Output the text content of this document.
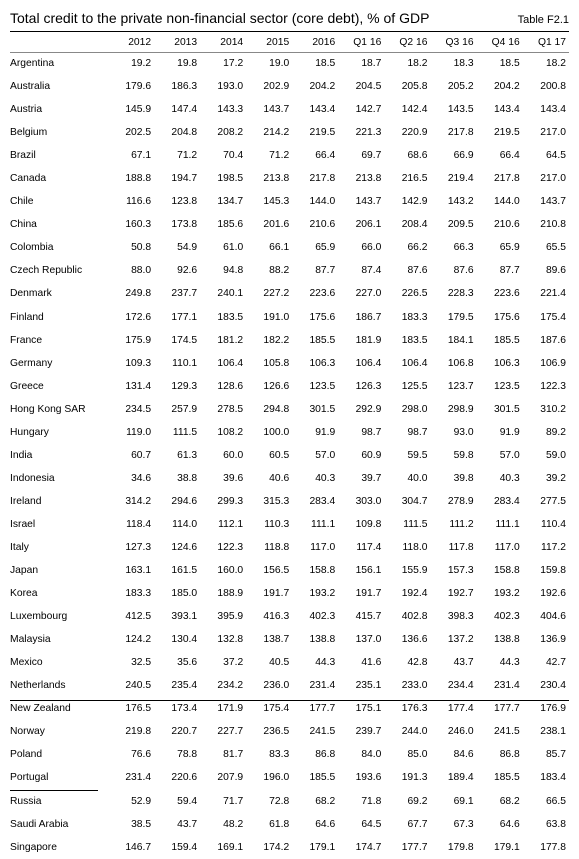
Total credit to the private non-financial sector (core debt), % of GDP	Table F2.1
	2012	2013	2014	2015	2016	Q1 16	Q2 16	Q3 16	Q4 16	Q1 17
Argentina	19.2	19.8	17.2	19.0	18.5	18.7	18.2	18.3	18.5	18.2
Australia	179.6	186.3	193.0	202.9	204.2	204.5	205.8	205.2	204.2	200.8
Austria	145.9	147.4	143.3	143.7	143.4	142.7	142.4	143.5	143.4	143.4
Belgium	202.5	204.8	208.2	214.2	219.5	221.3	220.9	217.8	219.5	217.0
Brazil	67.1	71.2	70.4	71.2	66.4	69.7	68.6	66.9	66.4	64.5
Canada	188.8	194.7	198.5	213.8	217.8	213.8	216.5	219.4	217.8	217.0
Chile	116.6	123.8	134.7	145.3	144.0	143.7	142.9	143.2	144.0	143.7
China	160.3	173.8	185.6	201.6	210.6	206.1	208.4	209.5	210.6	210.8
Colombia	50.8	54.9	61.0	66.1	65.9	66.0	66.2	66.3	65.9	65.5
Czech Republic	88.0	92.6	94.8	88.2	87.7	87.4	87.6	87.6	87.7	89.6
Denmark	249.8	237.7	240.1	227.2	223.6	227.0	226.5	228.3	223.6	221.4
Finland	172.6	177.1	183.5	191.0	175.6	186.7	183.3	179.5	175.6	175.4
France	175.9	174.5	181.2	182.2	185.5	181.9	183.5	184.1	185.5	187.6
Germany	109.3	110.1	106.4	105.8	106.3	106.4	106.4	106.8	106.3	106.9
Greece	131.4	129.3	128.6	126.6	123.5	126.3	125.5	123.7	123.5	122.3
Hong Kong SAR	234.5	257.9	278.5	294.8	301.5	292.9	298.0	298.9	301.5	310.2
Hungary	119.0	111.5	108.2	100.0	91.9	98.7	98.7	93.0	91.9	89.2
India	60.7	61.3	60.0	60.5	57.0	60.9	59.5	59.8	57.0	59.0
Indonesia	34.6	38.8	39.6	40.6	40.3	39.7	40.0	39.8	40.3	39.2
Ireland	314.2	294.6	299.3	315.3	283.4	303.0	304.7	278.9	283.4	277.5
Israel	118.4	114.0	112.1	110.3	111.1	109.8	111.5	111.2	111.1	110.4
Italy	127.3	124.6	122.3	118.8	117.0	117.4	118.0	117.8	117.0	117.2
Japan	163.1	161.5	160.0	156.5	158.8	156.1	155.9	157.3	158.8	159.8
Korea	183.3	185.0	188.9	191.7	193.2	191.7	192.4	192.7	193.2	192.6
Luxembourg	412.5	393.1	395.9	416.3	402.3	415.7	402.8	398.3	402.3	404.6
Malaysia	124.2	130.4	132.8	138.7	138.8	137.0	136.6	137.2	138.8	136.9
Mexico	32.5	35.6	37.2	40.5	44.3	41.6	42.8	43.7	44.3	42.7
Netherlands	240.5	235.4	234.2	236.0	231.4	235.1	233.0	234.4	231.4	230.4
New Zealand	176.5	173.4	171.9	175.4	177.7	175.1	176.3	177.4	177.7	176.9
Norway	219.8	220.7	227.7	236.5	241.5	239.7	244.0	246.0	241.5	238.1
Poland	76.6	78.8	81.7	83.3	86.8	84.0	85.0	84.6	86.8	85.7
Portugal	231.4	220.6	207.9	196.0	185.5	193.6	191.3	189.4	185.5	183.4
Russia	52.9	59.4	71.7	72.8	68.2	71.8	69.2	69.1	68.2	66.5
Saudi Arabia	38.5	43.7	48.2	61.8	64.6	64.5	67.7	67.3	64.6	63.8
Singapore	146.7	159.4	169.1	174.2	179.1	174.7	177.7	179.8	179.1	177.8
